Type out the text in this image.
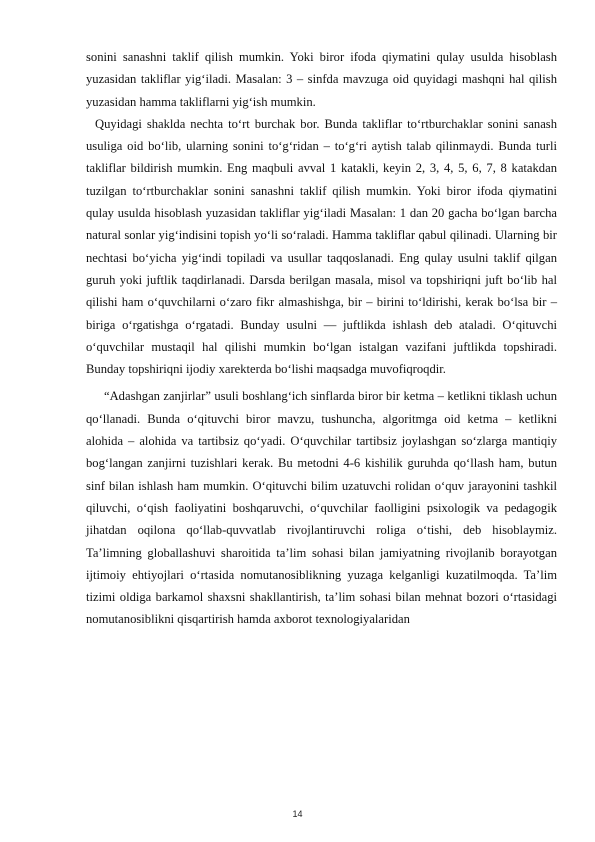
sonini sanashni taklif qilish mumkin. Yoki biror ifoda qiymatini qulay usulda hisoblash yuzasidan takliflar yig‘iladi. Masalan: 3 – sinfda mavzuga oid quyidagi mashqni hal qilish yuzasidan hamma takliflarni yig‘ish mumkin.

Quyidagi shaklda nechta to‘rt burchak bor. Bunda takliflar to‘rtburchaklar sonini sanash usuliga oid bo‘lib, ularning sonini to‘g‘ridan – to‘g‘ri aytish talab qilinmaydi. Bunda turli takliflar bildirish mumkin. Eng maqbuli avval 1 katakli, keyin 2, 3, 4, 5, 6, 7, 8 katakdan tuzilgan to‘rtburchaklar sonini sanashni taklif qilish mumkin. Yoki biror ifoda qiymatini qulay usulda hisoblash yuzasidan takliflar yig‘iladi Masalan: 1 dan 20 gacha bo‘lgan barcha natural sonlar yig‘indisini topish yo‘li so‘raladi. Hamma takliflar qabul qilinadi. Ularning bir nechtasi bo‘yicha yig‘indi topiladi va usullar taqqoslanadi. Eng qulay usulni taklif qilgan guruh yoki juftlik taqdirlanadi. Darsda berilgan masala, misol va topshiriqni juft bo‘lib hal qilishi ham o‘quvchilarni o‘zaro fikr almashishga, bir – birini to‘ldirishi, kerak bo‘lsa bir – biriga o‘rgatishga o‘rgatadi. Bunday usulni — juftlikda ishlash deb ataladi. O‘qituvchi o‘quvchilar mustaqil hal qilishi mumkin bo‘lgan istalgan vazifani juftlikda topshiradi. Bunday topshiriqni ijodiy xarekterda bo‘lishi maqsadga muvofiqroqdir.

“Adashgan zanjirlar” usuli boshlang‘ich sinflarda biror bir ketma – ketlikni tiklash uchun qo‘llanadi. Bunda o‘qituvchi biror mavzu, tushuncha, algoritmga oid ketma – ketlikni alohida – alohida va tartibsiz qo‘yadi. O‘quvchilar tartibsiz joylashgan so‘zlarga mantiqiy bog‘langan zanjirni tuzishlari kerak. Bu metodni 4-6 kishilik guruhda qo‘llash ham, butun sinf bilan ishlash ham mumkin. O‘qituvchi bilim uzatuvchi rolidan o‘quv jarayonini tashkil qiluvchi, o‘qish faoliyatini boshqaruvchi, o‘quvchilar faolligini psixologik va pedagogik jihatdan oqilona qo‘llab-quvvatlab rivojlantiruvchi roliga o‘tishi, deb hisoblaymiz. Ta’limning globallashuvi sharoitida ta’lim sohasi bilan jamiyatning rivojlanib borayotgan ijtimoiy ehtiyojlari o‘rtasida nomutanosiblikning yuzaga kelganligi kuzatilmoqda. Ta’lim tizimi oldiga barkamol shaxsni shakllantirish, ta’lim sohasi bilan mehnat bozori o‘rtasidagi nomutanosiblikni qisqartirish hamda axborot texnologiyalaridan

14
